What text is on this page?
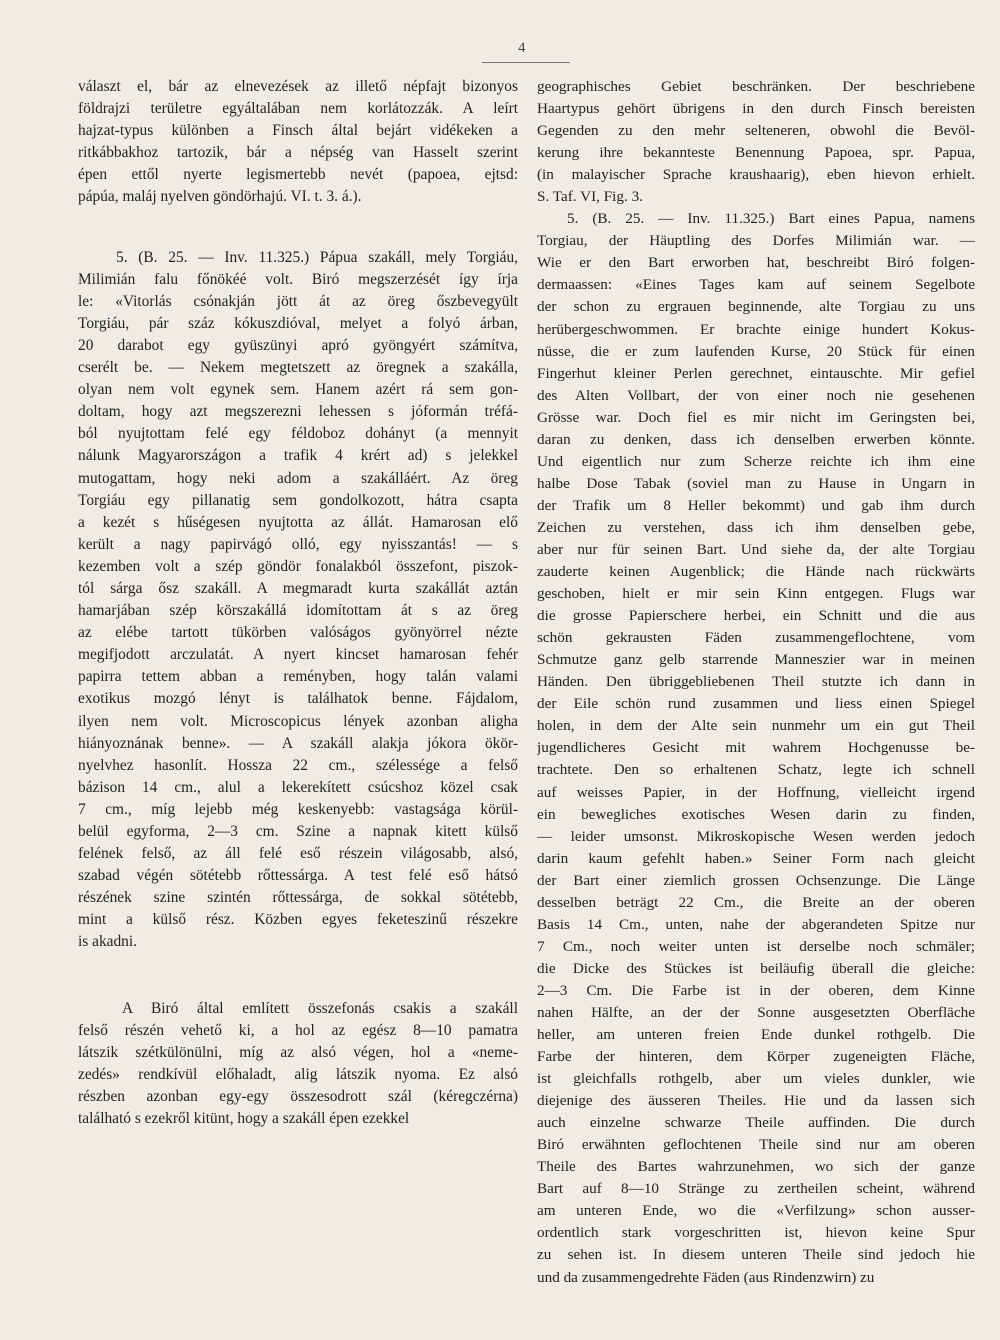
4
választ el, bár az elnevezések az illető népfajt bizonyos
földrajzi területre egyáltalában nem korlátozzák. A leírt
hajzat-typus különben a Finsch által bejárt vidékeken a
ritkábbakhoz tartozik, bár a népség van Hasselt szerint
épen ettől nyerte legismertebb nevét (papoea, ejtsd:
pápúa, maláj nyelven göndörhajú. VI. t. 3. á.).
5. (B. 25. — Inv. 11.325.) Pápua szakáll, mely Torgiáu,
Milimián falu főnökéé volt. Biró megszerzését így írja
le: «Vitorlás csónakján jött át az öreg őszbevegyült
Torgiáu, pár száz kókuszdióval, melyet a folyó árban,
20 darabot egy gyüszünyi apró gyöngyért számítva,
cserélt be. — Nekem megtetszett az öregnek a szakálla,
olyan nem volt egynek sem. Hanem azért rá sem gon-
doltam, hogy azt megszerezni lehessen s jóformán tréfá-
ból nyujtottam felé egy féldoboz dohányt (a mennyit
nálunk Magyarországon a trafik 4 krért ad) s jelekkel
mutogattam, hogy neki adom a szakálláért. Az öreg
Torgiáu egy pillanatig sem gondolkozott, hátra csapta
a kezét s hűségesen nyujtotta az állát. Hamarosan elő
került a nagy papirvágó olló, egy nyisszantás! — s
kezemben volt a szép göndör fonalakból összefont, piszok-
tól sárga ősz szakáll. A megmaradt kurta szakállát aztán
hamarjában szép körszakállá idomítottam át s az öreg
az elébe tartott tükörben valóságos gyönyörrel nézte
megifjodott arczulatát. A nyert kincset hamarosan fehér
papirra tettem abban a reményben, hogy talán valami
exotikus mozgó lényt is találhatok benne. Fájdalom,
ilyen nem volt. Microscopicus lények azonban aligha
hiányoznának benne». — A szakáll alakja jókora ökör-
nyelvhez hasonlít. Hossza 22 cm., szélessége a felső
bázison 14 cm., alul a lekerekített csúcshoz közel csak
7 cm., míg lejebb még keskenyebb: vastagsága körül-
belül egyforma, 2—3 cm. Szine a napnak kitett külső
felének felső, az áll felé eső részein világosabb, alsó,
szabad végén sötétebb rőttessárga. A test felé eső hátsó
részének szine szintén rőttessárga, de sokkal sötétebb,
mint a külső rész. Közben egyes feketeszinű részekre
is akadni.
A Biró által említett összefonás csakis a szakáll
felső részén vehető ki, a hol az egész 8—10 pamatra
látszik szétkülönülni, míg az alsó végen, hol a «neme-
zedés» rendkívül előhaladt, alig látszik nyoma. Ez alsó
részben azonban egy-egy összesodrott szál (kéregczérna)
található s ezekről kitünt, hogy a szakáll épen ezekkel
geographisches Gebiet beschränken. Der beschriebene
Haartypus gehört übrigens in den durch Finsch bereisten
Gegenden zu den mehr selteneren, obwohl die Bevöl-
kerung ihre bekannteste Benennung Papoea, spr. Papua,
(in malayischer Sprache kraushaarig), eben hievon erhielt.
S. Taf. VI, Fig. 3.
5. (B. 25. — Inv. 11.325.) Bart eines Papua, namens
Torgiau, der Häuptling des Dorfes Milimián war. —
Wie er den Bart erworben hat, beschreibt Biró folgen-
dermaassen: «Eines Tages kam auf seinem Segelbote
der schon zu ergrauen beginnende, alte Torgiau zu uns
herübergeschwommen. Er brachte einige hundert Kokus-
nüsse, die er zum laufenden Kurse, 20 Stück für einen
Fingerhut kleiner Perlen gerechnet, eintauschte. Mir gefiel
des Alten Vollbart, der von einer noch nie gesehenen
Grösse war. Doch fiel es mir nicht im Geringsten bei,
daran zu denken, dass ich denselben erwerben könnte.
Und eigentlich nur zum Scherze reichte ich ihm eine
halbe Dose Tabak (soviel man zu Hause in Ungarn in
der Trafik um 8 Heller bekommt) und gab ihm durch
Zeichen zu verstehen, dass ich ihm denselben gebe,
aber nur für seinen Bart. Und siehe da, der alte Torgiau
zauderte keinen Augenblick; die Hände nach rückwärts
geschoben, hielt er mir sein Kinn entgegen. Flugs war
die grosse Papierschere herbei, ein Schnitt und die aus
schön gekrausten Fäden zusammengeflochtene, vom
Schmutze ganz gelb starrende Manneszier war in meinen
Händen. Den übriggebliebenen Theil stutzte ich dann in
der Eile schön rund zusammen und liess einen Spiegel
holen, in dem der Alte sein nunmehr um ein gut Theil
jugendlicheres Gesicht mit wahrem Hochgenusse be-
trachtete. Den so erhaltenen Schatz, legte ich schnell
auf weisses Papier, in der Hoffnung, vielleicht irgend
ein bewegliches exotisches Wesen darin zu finden,
— leider umsonst. Mikroskopische Wesen werden jedoch
darin kaum gefehlt haben.» Seiner Form nach gleicht
der Bart einer ziemlich grossen Ochsenzunge. Die Länge
desselben beträgt 22 Cm., die Breite an der oberen
Basis 14 Cm., unten, nahe der abgerandeten Spitze nur
7 Cm., noch weiter unten ist derselbe noch schmäler;
die Dicke des Stückes ist beiläufig überall die gleiche:
2—3 Cm. Die Farbe ist in der oberen, dem Kinne
nahen Hälfte, an der der Sonne ausgesetzten Oberfläche
heller, am unteren freien Ende dunkel rothgelb. Die
Farbe der hinteren, dem Körper zugeneigten Fläche,
ist gleichfalls rothgelb, aber um vieles dunkler, wie
diejenige des äusseren Theiles. Hie und da lassen sich
auch einzelne schwarze Theile auffinden. Die durch
Biró erwähnten geflochtenen Theile sind nur am oberen
Theile des Bartes wahrzunehmen, wo sich der ganze
Bart auf 8—10 Stränge zu zertheilen scheint, während
am unteren Ende, wo die «Verfilzung» schon ausser-
ordentlich stark vorgeschritten ist, hievon keine Spur
zu sehen ist. In diesem unteren Theile sind jedoch hie
und da zusammengedrehte Fäden (aus Rindenzwirn) zu
